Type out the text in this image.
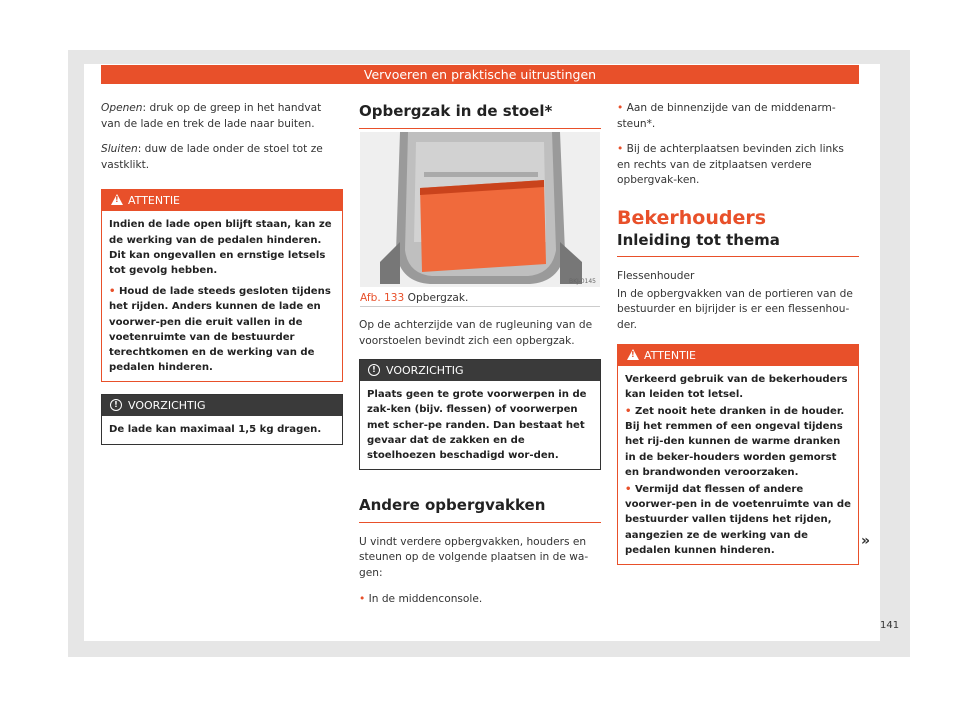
Vervoeren en praktische uitrustingen

Openen: druk op de greep in het handvat van de lade en trek de lade naar buiten.

Sluiten: duw de lade onder de stoel tot ze vastklikt.

!
ATTENTIE

Indien de lade open blijft staan, kan ze de werking van de pedalen hinderen. Dit kan ongevallen en ernstige letsels tot gevolg hebben.

• Houd de lade steeds gesloten tijdens het rijden. Anders kunnen de lade en voorwer-pen die eruit vallen in de voetenruimte van de bestuurder terechtkomen en de werking van de pedalen hinderen.

! VOORZICHTIG

De lade kan maximaal 1,5 kg dragen.

Opbergzak in de stoel*
BKJ-0145
Afb. 133 Opbergzak.

Op de achterzijde van de rugleuning van de voorstoelen bevindt zich een opbergzak.

! VOORZICHTIG

Plaats geen te grote voorwerpen in de zak-ken (bijv. flessen) of voorwerpen met scher-pe randen. Dan bestaat het gevaar dat de zakken en de stoelhoezen beschadigd wor-den.

Andere opbergvakken

U vindt verdere opbergvakken, houders en steunen op de volgende plaatsen in de wa-gen:

• In de middenconsole.

• Aan de binnenzijde van de middenarm-steun*.

• Bij de achterplaatsen bevinden zich links en rechts van de zitplaatsen verdere opbergvak-ken.

Bekerhouders
Inleiding tot thema

Flessenhouder

In de opbergvakken van de portieren van de bestuurder en bijrijder is er een flessenhou-der.

!
ATTENTIE

Verkeerd gebruik van de bekerhouders kan leiden tot letsel.

• Zet nooit hete dranken in de houder. Bij het remmen of een ongeval tijdens het rij-den kunnen de warme dranken in de beker-houders worden gemorst en brandwonden veroorzaken.

• Vermijd dat flessen of andere voorwer-pen in de voetenruimte van de bestuurder vallen tijdens het rijden, aangezien ze de werking van de pedalen kunnen hinderen.

»
141
